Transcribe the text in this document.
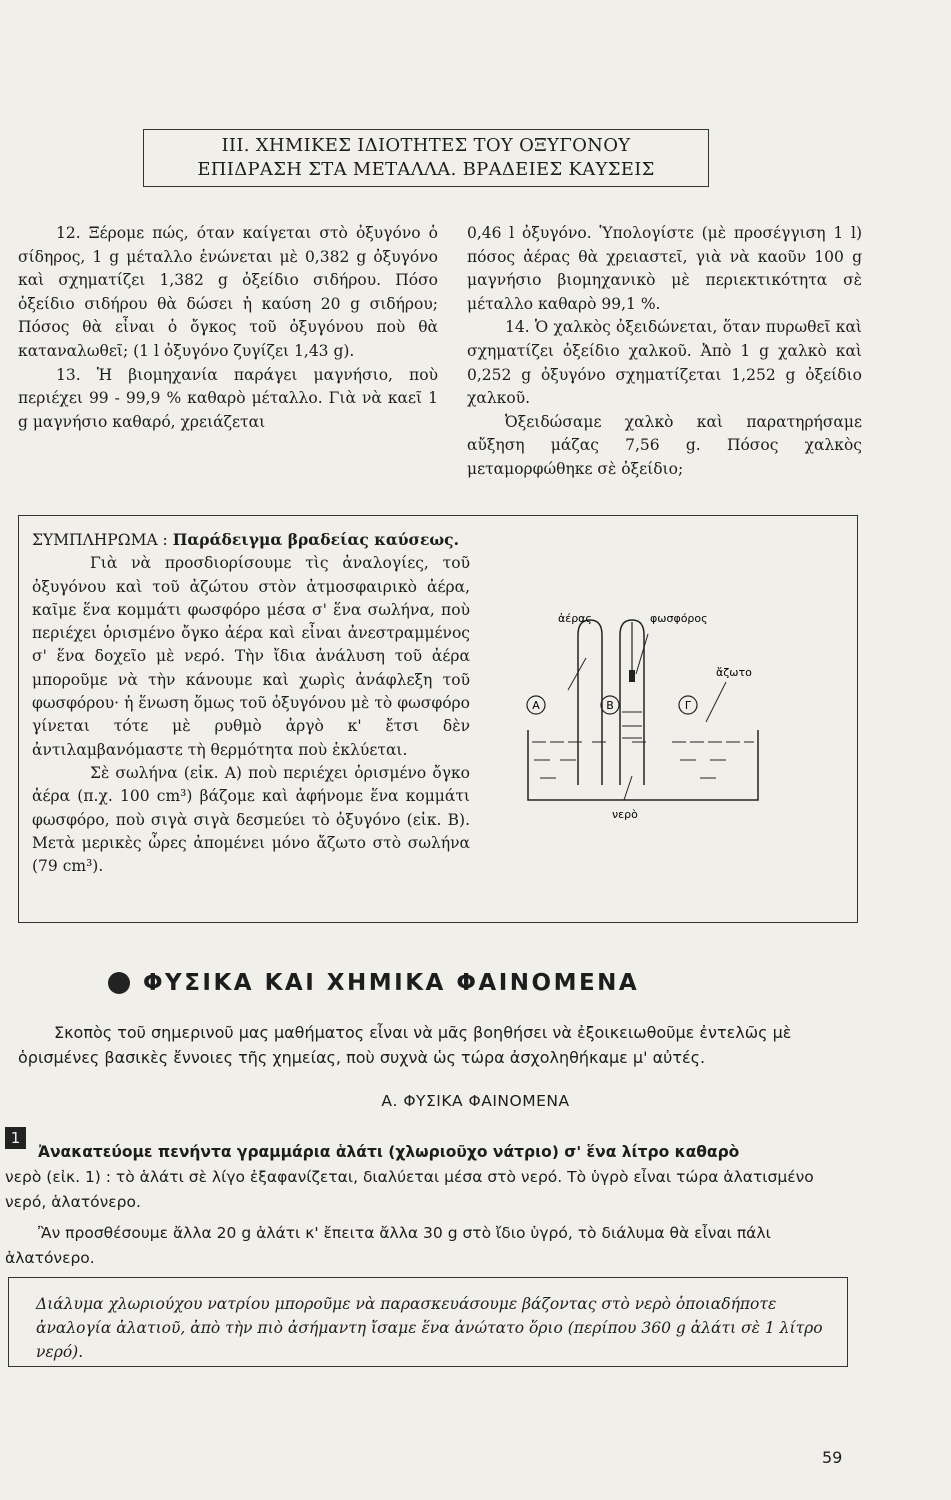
III. ΧΗΜΙΚΕΣ ΙΔΙΟΤΗΤΕΣ ΤΟΥ ΟΞΥΓΟΝΟΥ
ΕΠΙΔΡΑΣΗ ΣΤΑ ΜΕΤΑΛΛΑ. ΒΡΑΔΕΙΕΣ ΚΑΥΣΕΙΣ

12. Ξέρομε πώς, όταν καίγεται στὸ ὀξυγόνο ὁ σίδηρος, 1 g μέταλλο ἑνώνεται μὲ 0,382 g ὀξυγόνο καὶ σχηματίζει 1,382 g ὀξείδιο σιδήρου. Πόσο ὀξείδιο σιδήρου θὰ δώσει ἡ καύση 20 g σιδήρου; Πόσος θὰ εἶναι ὁ ὄγκος τοῦ ὀξυγόνου ποὺ θὰ καταναλωθεῖ; (1 l ὀξυγόνο ζυγίζει 1,43 g).

13. Ἡ βιομηχανία παράγει μαγνήσιο, ποὺ περιέχει 99 - 99,9 % καθαρὸ μέταλλο. Γιὰ νὰ καεῖ 1 g μαγνήσιο καθαρό, χρειάζεται

0,46 l ὀξυγόνο. Ὑπολογίστε (μὲ προσέγγιση 1 l) πόσος ἀέρας θὰ χρειαστεῖ, γιὰ νὰ καοῦν 100 g μαγνήσιο βιομηχανικὸ μὲ περιεκτικότητα σὲ μέταλλο καθαρὸ 99,1 %.

14. Ὁ χαλκὸς ὀξειδώνεται, ὅταν πυρωθεῖ καὶ σχηματίζει ὀξείδιο χαλκοῦ. Ἀπὸ 1 g χαλκὸ καὶ 0,252 g ὀξυγόνο σχηματίζεται 1,252 g ὀξείδιο χαλκοῦ.

Ὀξειδώσαμε χαλκὸ καὶ παρατηρήσαμε αὔξηση μάζας 7,56 g. Πόσος χαλκὸς μεταμορφώθηκε σὲ ὀξείδιο;

ΣΥΜΠΛΗΡΩΜΑ : Παράδειγμα βραδείας καύσεως.

Γιὰ νὰ προσδιορίσουμε τὶς ἀναλογίες, τοῦ ὀξυγόνου καὶ τοῦ ἀζώτου στὸν ἀτμοσφαιρικὸ ἀέρα, καῖμε ἕνα κομμάτι φωσφόρο μέσα σ' ἕνα σωλήνα, ποὺ περιέχει ὁρισμένο ὄγκο ἀέρα καὶ εἶναι ἀνεστραμμένος σ' ἕνα δοχεῖο μὲ νερό. Τὴν ἴδια ἀνάλυση τοῦ ἀέρα μποροῦμε νὰ τὴν κάνουμε καὶ χωρὶς ἀνάφλεξη τοῦ φωσφόρου· ἡ ἕνωση ὅμως τοῦ ὀξυγόνου μὲ τὸ φωσφόρο γίνεται τότε μὲ ρυθμὸ ἀργὸ κ' ἔτσι δὲν ἀντιλαμβανόμαστε τὴ θερμότητα ποὺ ἐκλύεται.

Σὲ σωλήνα (εἰκ. Α) ποὺ περιέχει ὁρισμένο ὄγκο ἀέρα (π.χ. 100 cm³) βάζομε καὶ ἀφήνομε ἕνα κομμάτι φωσφόρο, ποὺ σιγὰ σιγὰ δεσμεύει τὸ ὀξυγόνο (εἰκ. Β). Μετὰ μερικὲς ὧρες ἀπομένει μόνο ἄζωτο στὸ σωλήνα (79 cm³).

Α	Β	Γ
ἀέρας	φωσφόρος
ἄζωτο
νερὸ
ΦΥΣΙΚΑ ΚΑΙ ΧΗΜΙΚΑ ΦΑΙΝΟΜΕΝΑ

Σκοπὸς τοῦ σημερινοῦ μας μαθήματος εἶναι νὰ μᾶς βοηθήσει νὰ ἐξοικειωθοῦμε ἐντελῶς μὲ ὁρισμένες βασικὲς ἔννοιες τῆς χημείας, ποὺ συχνὰ ὡς τώρα ἀσχοληθήκαμε μ' αὐτές.

Α. ΦΥΣΙΚΑ ΦΑΙΝΟΜΕΝΑ
1

Ἀνακατεύομε πενήντα γραμμάρια ἁλάτι (χλωριοῦχο νάτριο) σ' ἕνα λίτρο καθαρὸ

νερὸ (εἰκ. 1) : τὸ ἁλάτι σὲ λίγο ἐξαφανίζεται, διαλύεται μέσα στὸ νερό. Τὸ ὑγρὸ εἶναι τώρα ἁλατισμένο νερό, ἁλατόνερο.

Ἂν προσθέσουμε ἄλλα 20 g ἁλάτι κ' ἔπειτα ἄλλα 30 g στὸ ἴδιο ὑγρό, τὸ διάλυμα θὰ εἶναι πάλι ἁλατόνερο.

Διάλυμα χλωριούχου νατρίου μποροῦμε νὰ παρασκευάσουμε βάζοντας στὸ νερὸ ὁποιαδήποτε ἀναλογία ἁλατιοῦ, ἀπὸ τὴν πιὸ ἀσήμαντη ἴσαμε ἕνα ἀνώτατο ὅριο (περίπου 360 g ἁλάτι σὲ 1 λίτρο νερό).
59
